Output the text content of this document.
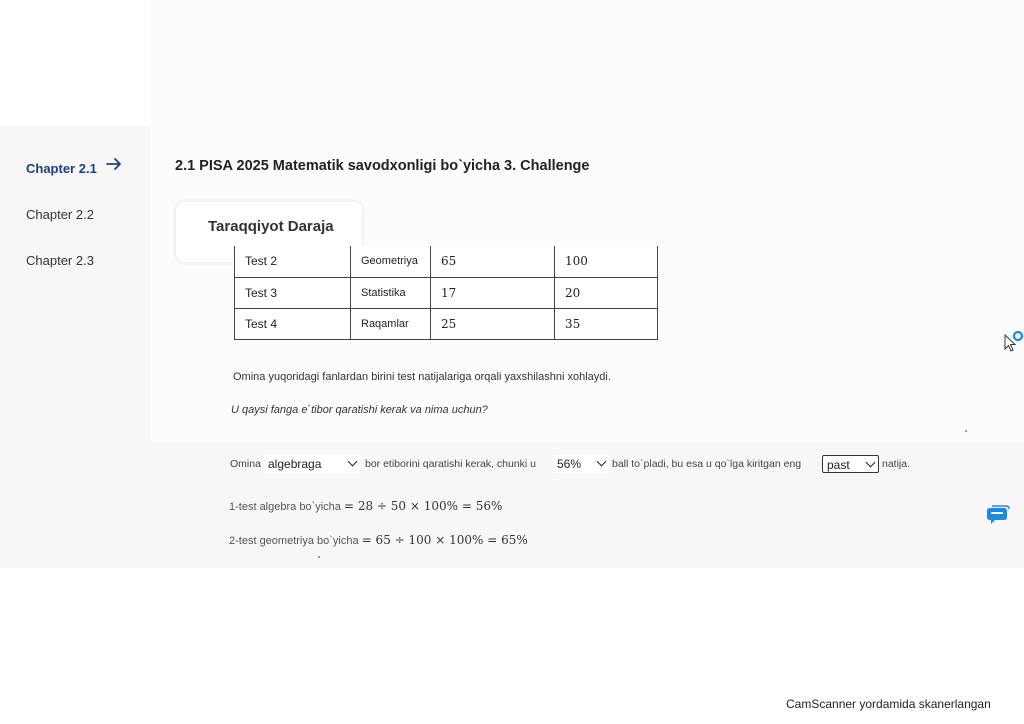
Chapter 2.1
Chapter 2.2
Chapter 2.3
2.1 PISA 2025 Matematik savodxonligi bo`yicha 3. Challenge
Taraqqiyot Daraja
Test 2	Geometriya	65	100
Test 3	Statistika	17	20
Test 4	Raqamlar	25	35
Omina yuqoridagi fanlardan birini test natijalariga orqali yaxshilashni xohlaydi.
U qaysi fanga e`tibor qaratishi kerak va nima uchun?
Omina algebraga	bor etiborini qaratishi kerak, chunki u	56%	ball to`pladi, bu esa u qo`lga kiritgan eng	past	natija.
1-test algebra bo`yicha = 28 ÷ 50 × 100% = 56%
2-test geometriya bo`yicha = 65 ÷ 100 × 100% = 65%
CamScanner yordamida skanerlangan
